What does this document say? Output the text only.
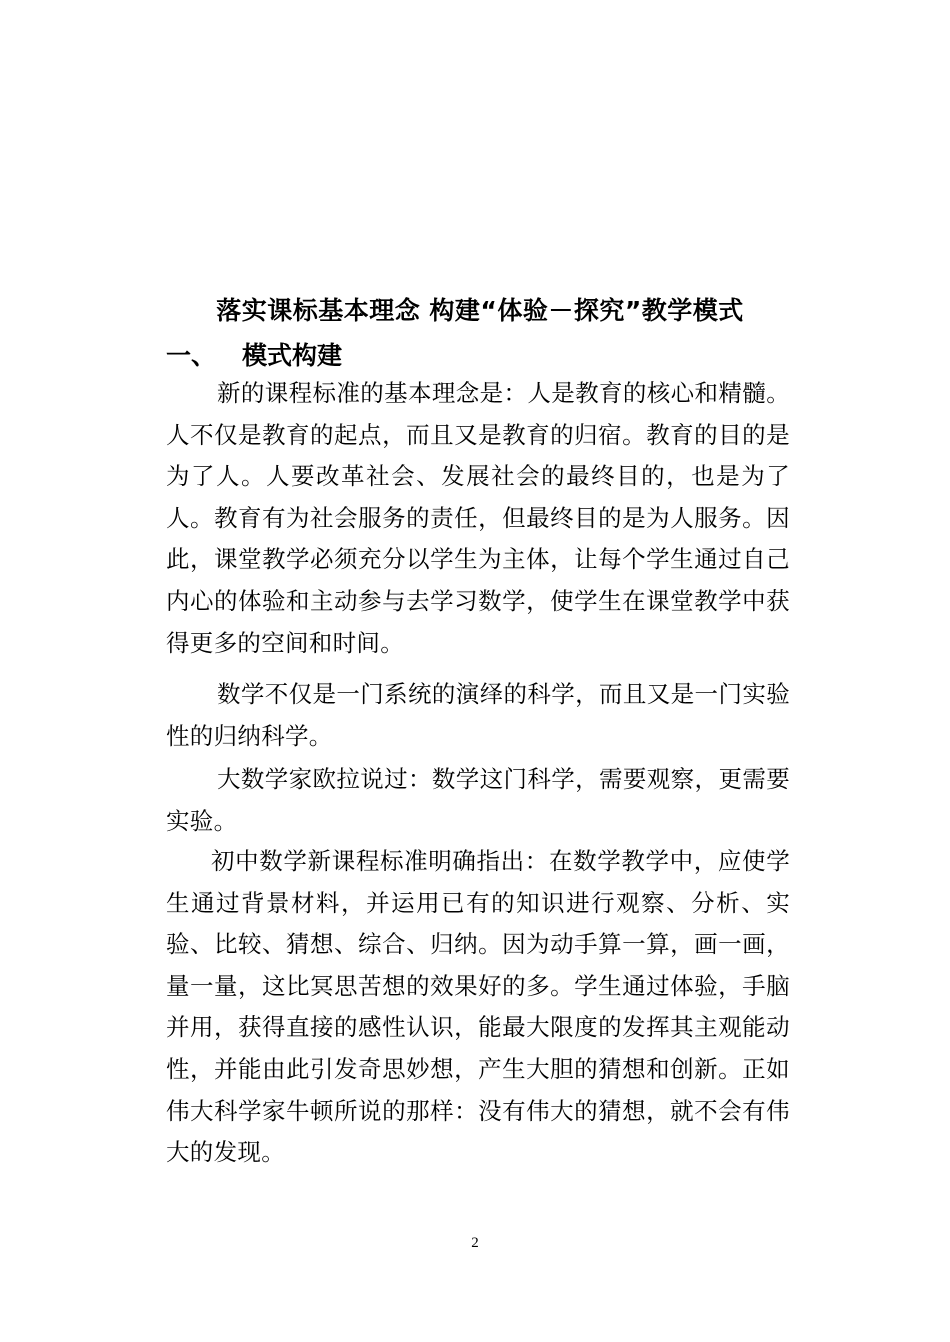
落实课标基本理念 构建“体验－探究”教学模式
一、 模式构建
新的课程标准的基本理念是：人是教育的核心和精髓。人不仅是教育的起点，而且又是教育的归宿。教育的目的是为了人。人要改革社会、发展社会的最终目的，也是为了人。教育有为社会服务的责任，但最终目的是为人服务。因此，课堂教学必须充分以学生为主体，让每个学生通过自己内心的体验和主动参与去学习数学，使学生在课堂教学中获得更多的空间和时间。
数学不仅是一门系统的演绎的科学，而且又是一门实验性的归纳科学。
大数学家欧拉说过：数学这门科学，需要观察，更需要实验。
初中数学新课程标准明确指出：在数学教学中，应使学生通过背景材料，并运用已有的知识进行观察、分析、实验、比较、猜想、综合、归纳。因为动手算一算，画一画，量一量，这比冥思苦想的效果好的多。学生通过体验，手脑并用，获得直接的感性认识，能最大限度的发挥其主观能动性，并能由此引发奇思妙想，产生大胆的猜想和创新。正如伟大科学家牛顿所说的那样：没有伟大的猜想，就不会有伟大的发现。
2
